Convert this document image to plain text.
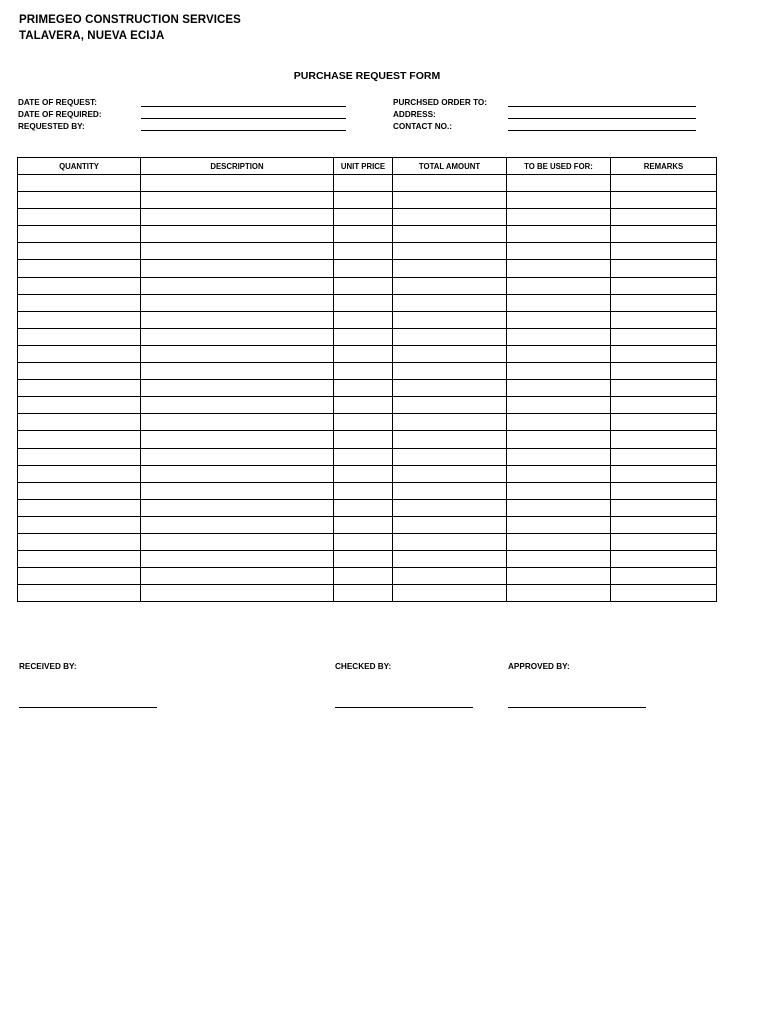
PRIMEGEO CONSTRUCTION SERVICES
TALAVERA, NUEVA ECIJA
PURCHASE REQUEST FORM
DATE OF REQUEST:
DATE OF REQUIRED:
REQUESTED BY:
PURCHSED ORDER TO:
ADDRESS:
CONTACT NO.:
QUANTITY	DESCRIPTION	UNIT PRICE	TOTAL AMOUNT	TO BE USED FOR:	REMARKS

RECEIVED BY:	CHECKED BY:	APPROVED BY:
